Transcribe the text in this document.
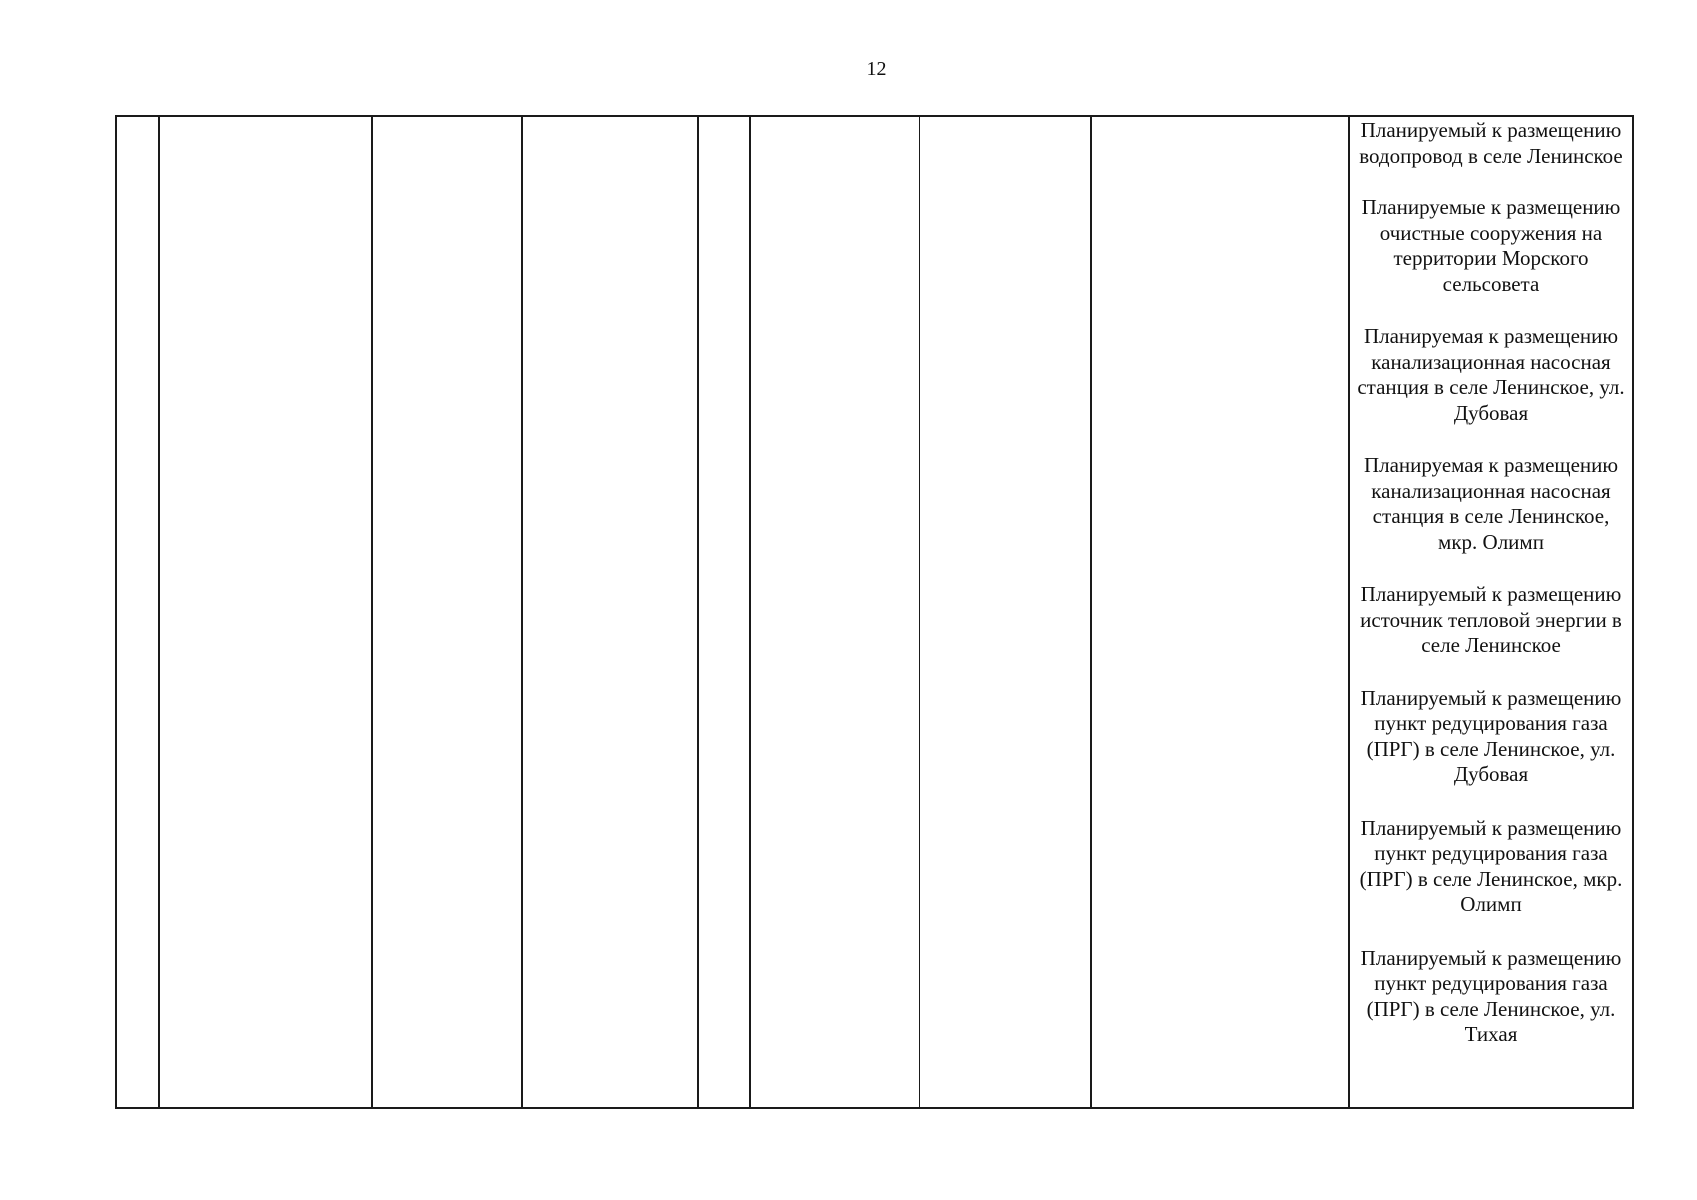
12

Планируемый к размещению водопровод в селе Ленинское

Планируемые к размещению очистные сооружения на территории Морского сельсовета

Планируемая к размещению канализационная насосная станция в селе Ленинское, ул. Дубовая

Планируемая к размещению канализационная насосная станция в селе Ленинское, мкр. Олимп

Планируемый к размещению источник тепловой энергии в селе Ленинское

Планируемый к размещению пункт редуцирования газа (ПРГ) в селе Ленинское, ул. Дубовая

Планируемый к размещению пункт редуцирования газа (ПРГ) в селе Ленинское, мкр. Олимп

Планируемый к размещению пункт редуцирования газа (ПРГ) в селе Ленинское, ул. Тихая
